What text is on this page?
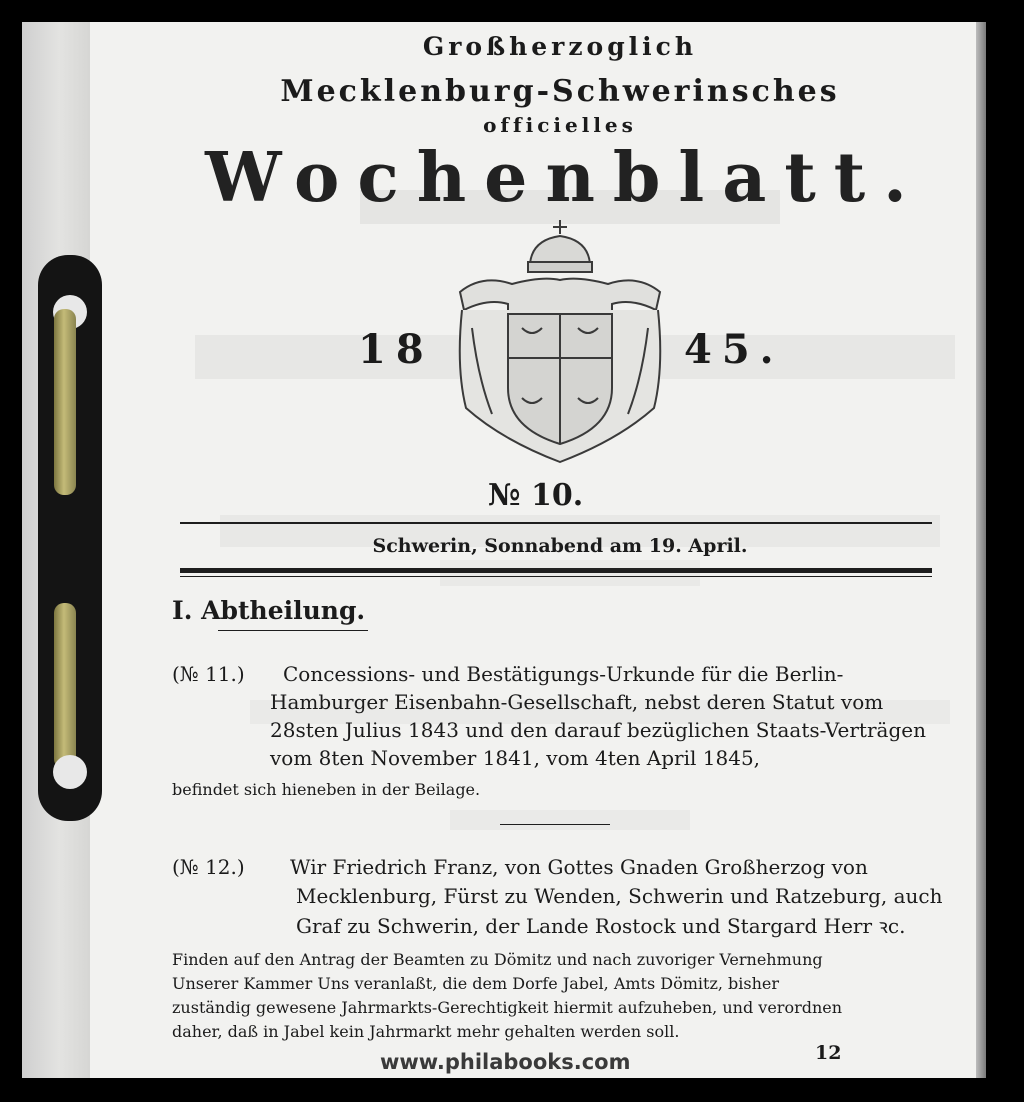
Großherzoglich
Mecklenburg-Schwerinsches
officielles
Wochenblatt.
18	45.
№ 10.
Schwerin, Sonnabend am 19. April.
I. Abtheilung.
(№ 11.) Concessions- und Bestätigungs-Urkunde für die Berlin-
Hamburger Eisenbahn-Gesellschaft, nebst deren Statut vom
28sten Julius 1843 und den darauf bezüglichen Staats-Verträgen
vom 8ten November 1841, vom 4ten April 1845,
befindet sich hieneben in der Beilage.
(№ 12.) Wir Friedrich Franz, von Gottes Gnaden Großherzog von
Mecklenburg, Fürst zu Wenden, Schwerin und Ratzeburg, auch
Graf zu Schwerin, der Lande Rostock und Stargard Herr ꝛc.
Finden auf den Antrag der Beamten zu Dömitz und nach zuvoriger Vernehmung
Unserer Kammer Uns veranlaßt, die dem Dorfe Jabel, Amts Dömitz, bisher
zuständig gewesene Jahrmarkts-Gerechtigkeit hiermit aufzuheben, und verordnen
daher, daß in Jabel kein Jahrmarkt mehr gehalten werden soll.
12
www.philabooks.com
